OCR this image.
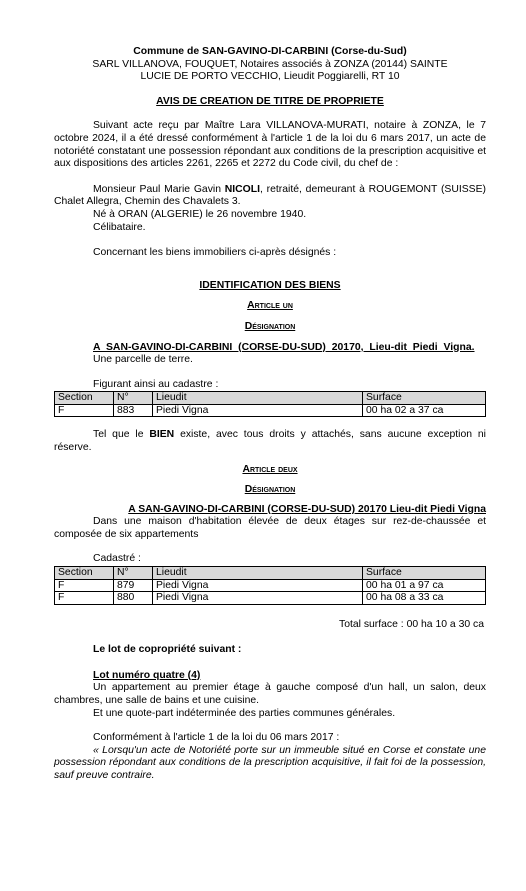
Commune de SAN-GAVINO-DI-CARBINI (Corse-du-Sud)

SARL VILLANOVA, FOUQUET, Notaires associés à ZONZA (20144) SAINTE

LUCIE DE PORTO VECCHIO, Lieudit Poggiarelli, RT 10

AVIS DE CREATION DE TITRE DE PROPRIETE

Suivant acte reçu par Maître Lara VILLANOVA-MURATI, notaire à ZONZA, le 7 octobre 2024, il a été dressé conformément à l'article 1 de la loi du 6 mars 2017, un acte de notoriété constatant une possession répondant aux conditions de la prescription acquisitive et aux dispositions des articles 2261, 2265 et 2272 du Code civil, du chef de :

Monsieur Paul Marie Gavin NICOLI, retraité, demeurant à ROUGEMONT (SUISSE) Chalet Allegra, Chemin des Chavalets 3.

Né à ORAN (ALGERIE) le 26 novembre 1940.

Célibataire.

Concernant les biens immobiliers ci-après désignés :

IDENTIFICATION DES BIENS

Article un

Désignation

A SAN-GAVINO-DI-CARBINI (CORSE-DU-SUD) 20170, Lieu-dit Piedi Vigna.

Une parcelle de terre.

Figurant ainsi au cadastre :

Section	N°	Lieudit	Surface
F	883	Piedi Vigna	00 ha 02 a 37 ca

Tel que le BIEN existe, avec tous droits y attachés, sans aucune exception ni réserve.

Article deux

Désignation

A SAN-GAVINO-DI-CARBINI (CORSE-DU-SUD) 20170 Lieu-dit Piedi Vigna

Dans une maison d'habitation élevée de deux étages sur rez-de-chaussée et composée de six appartements

Cadastré :

Section	N°	Lieudit	Surface
F	879	Piedi Vigna	00 ha 01 a 97 ca
F	880	Piedi Vigna	00 ha 08 a 33 ca

Total surface : 00 ha 10 a 30 ca

Le lot de copropriété suivant :

Lot numéro quatre (4)

Un appartement au premier étage à gauche composé d'un hall, un salon, deux chambres, une salle de bains et une cuisine.

Et une quote-part indéterminée des parties communes générales.

Conformément à l'article 1 de la loi du 06 mars 2017 :

« Lorsqu'un acte de Notoriété porte sur un immeuble situé en Corse et constate une possession répondant aux conditions de la prescription acquisitive, il fait foi de la possession, sauf preuve contraire.
